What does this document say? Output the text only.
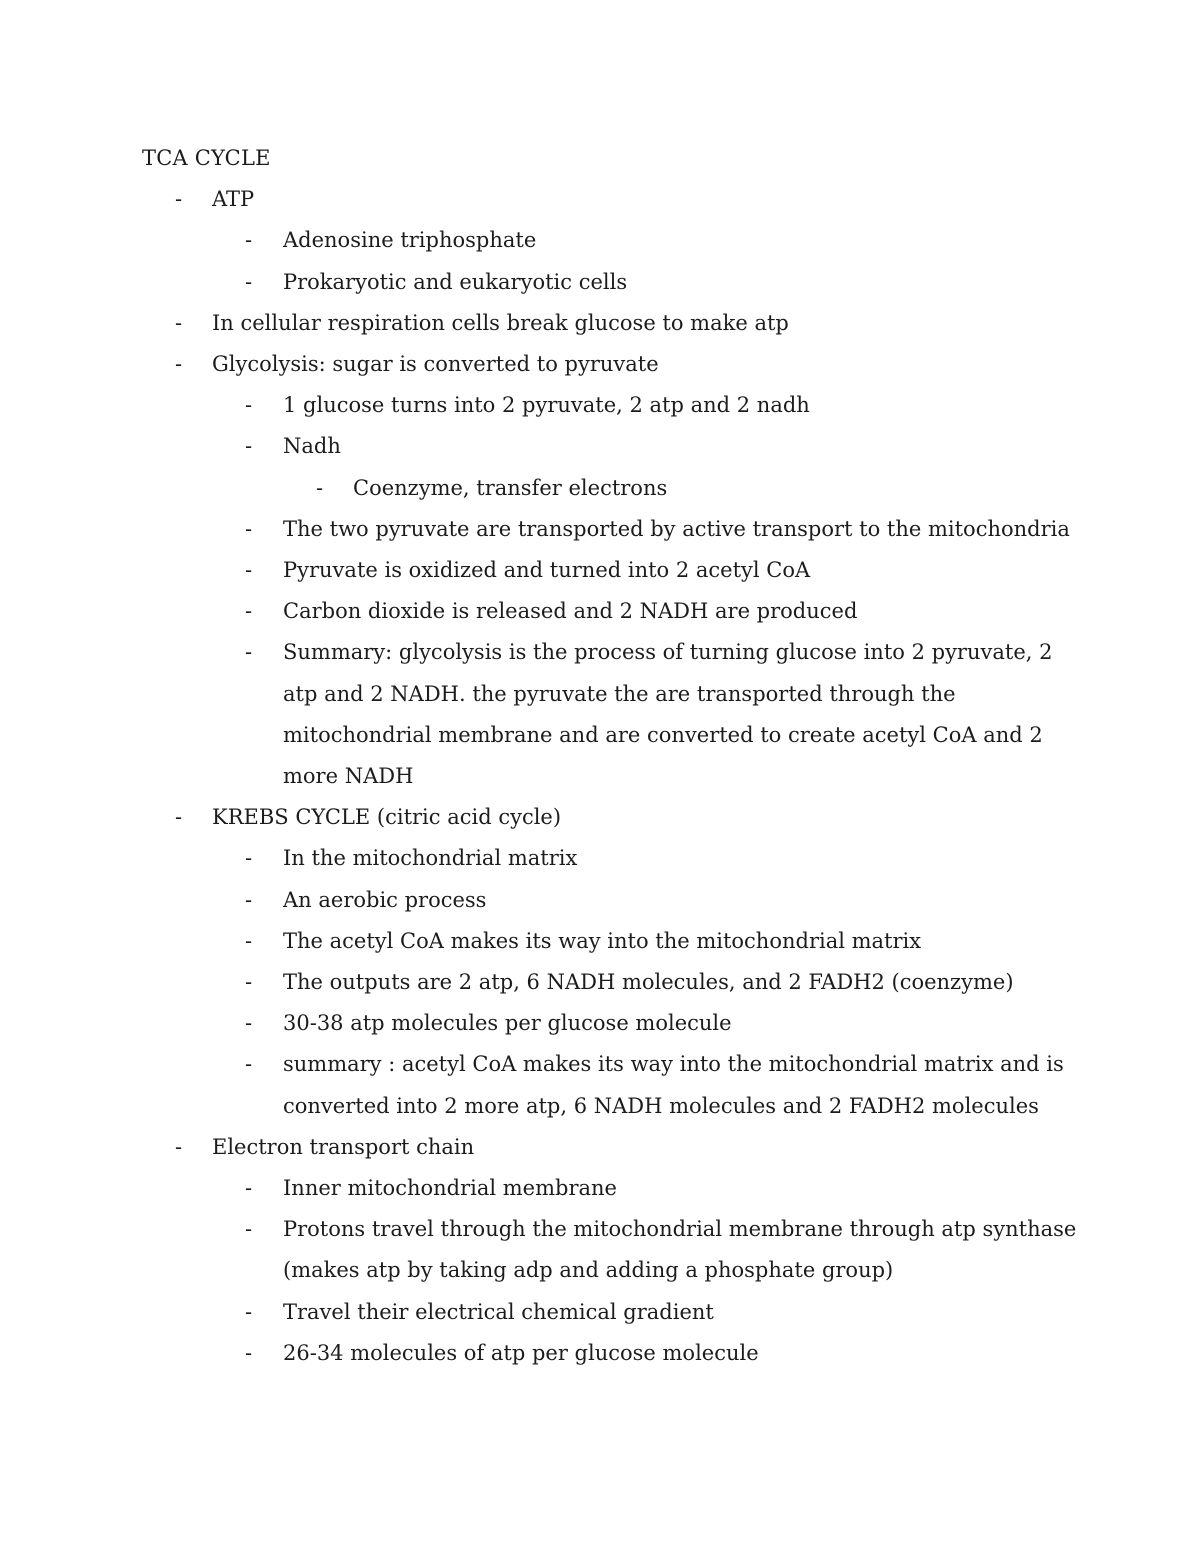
TCA CYCLE
- ATP
- Adenosine triphosphate
- Prokaryotic and eukaryotic cells
- In cellular respiration cells break glucose to make atp
- Glycolysis: sugar is converted to pyruvate
- 1 glucose turns into 2 pyruvate, 2 atp and 2 nadh
- Nadh
- Coenzyme, transfer electrons
- The two pyruvate are transported by active transport to the mitochondria
- Pyruvate is oxidized and turned into 2 acetyl CoA
- Carbon dioxide is released and 2 NADH are produced
- Summary: glycolysis is the process of turning glucose into 2 pyruvate, 2 atp and 2 NADH. the pyruvate the are transported through the mitochondrial membrane and are converted to create acetyl CoA and 2 more NADH
- KREBS CYCLE (citric acid cycle)
- In the mitochondrial matrix
- An aerobic process
- The acetyl CoA makes its way into the mitochondrial matrix
- The outputs are 2 atp, 6 NADH molecules, and 2 FADH2 (coenzyme)
- 30-38 atp molecules per glucose molecule
- summary : acetyl CoA makes its way into the mitochondrial matrix and is converted into 2 more atp, 6 NADH molecules and 2 FADH2 molecules
- Electron transport chain
- Inner mitochondrial membrane
- Protons travel through the mitochondrial membrane through atp synthase (makes atp by taking adp and adding a phosphate group)
- Travel their electrical chemical gradient
- 26-34 molecules of atp per glucose molecule
